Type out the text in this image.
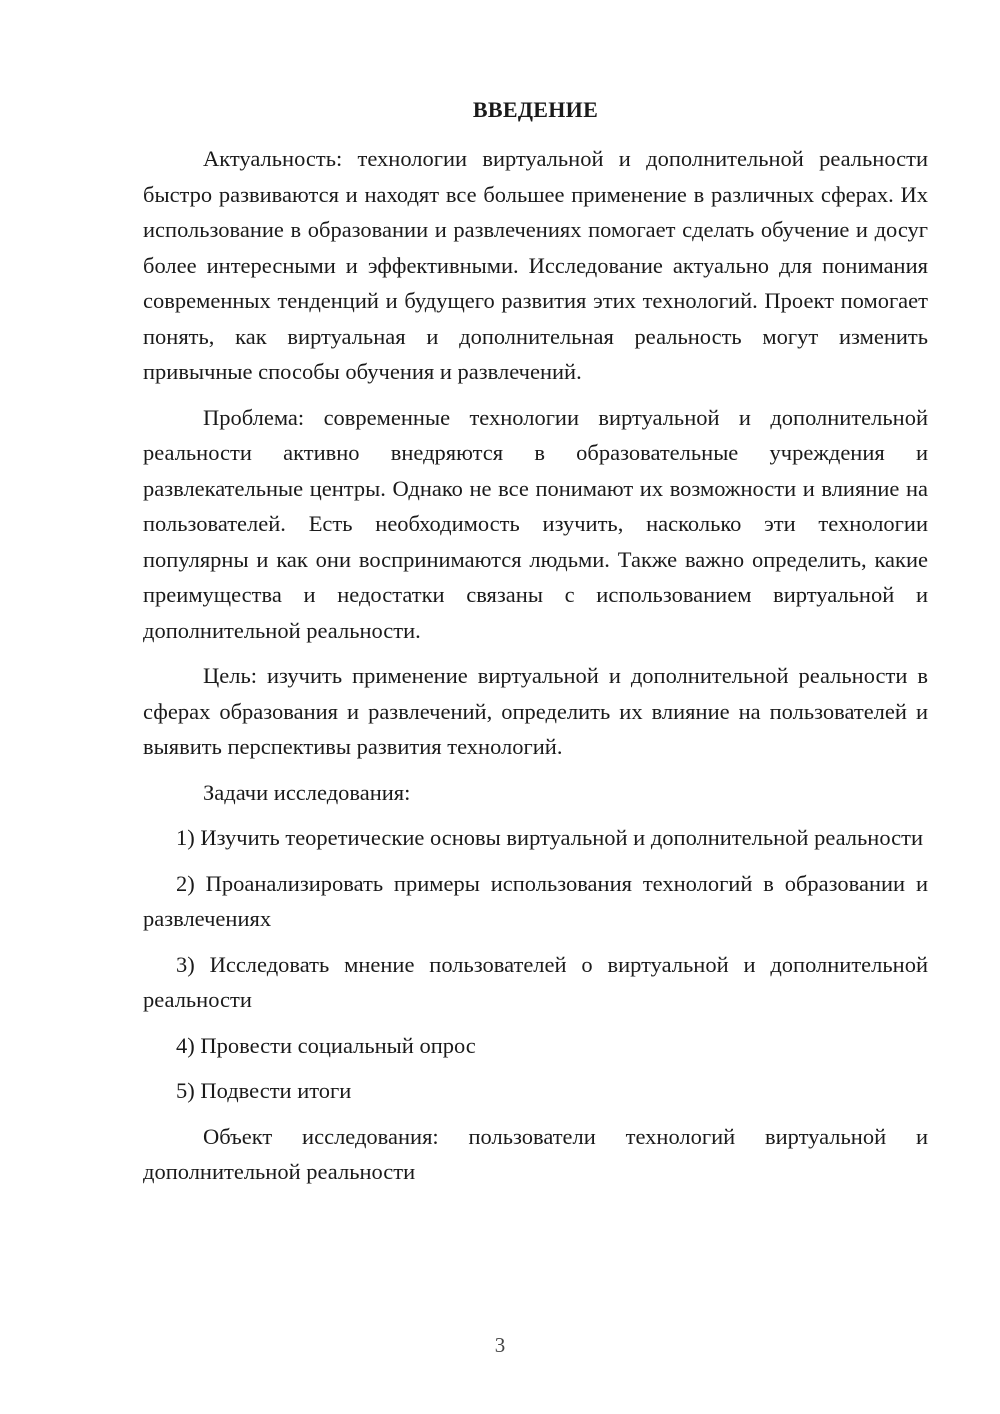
ВВЕДЕНИЕ

Актуальность: технологии виртуальной и дополнительной реальности быстро развиваются и находят все большее применение в различных сферах. Их использование в образовании и развлечениях помогает сделать обучение и досуг более интересными и эффективными. Исследование актуально для понимания современных тенденций и будущего развития этих технологий. Проект помогает понять, как виртуальная и дополнительная реальность могут изменить привычные способы обучения и развлечений.

Проблема: современные технологии виртуальной и дополнительной реальности активно внедряются в образовательные учреждения и развлекательные центры. Однако не все понимают их возможности и влияние на пользователей. Есть необходимость изучить, насколько эти технологии популярны и как они воспринимаются людьми. Также важно определить, какие преимущества и недостатки связаны с использованием виртуальной и дополнительной реальности.

Цель: изучить применение виртуальной и дополнительной реальности в сферах образования и развлечений, определить их влияние на пользователей и выявить перспективы развития технологий.

Задачи исследования:

1) Изучить теоретические основы виртуальной и дополнительной реальности

2) Проанализировать примеры использования технологий в образовании и развлечениях

3) Исследовать мнение пользователей о виртуальной и дополнительной реальности

4) Провести социальный опрос

5) Подвести итоги

Объект исследования: пользователи технологий виртуальной и дополнительной реальности

3
